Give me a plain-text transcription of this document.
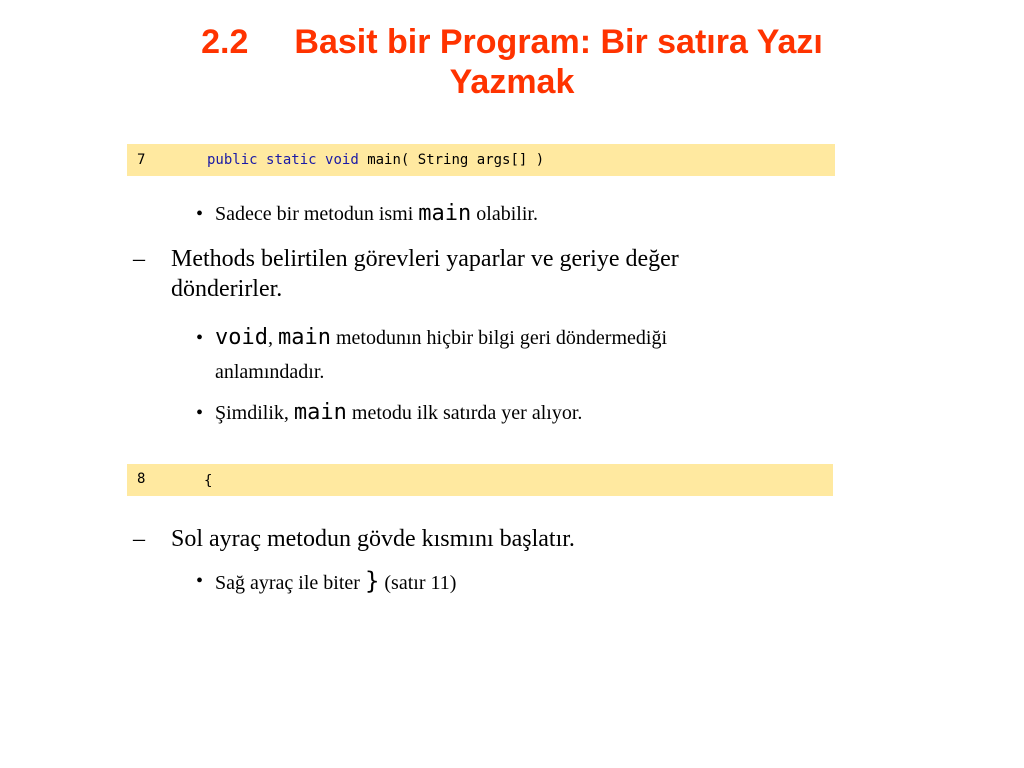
2.2 Basit bir Program: Bir satıra Yazı
Yazmak
7	public static void main( String args[] )
• Sadece bir metodun ismi main olabilir.
– Methods belirtilen görevleri yaparlar ve geriye değer
dönderirler.
• void, main metodunın hiçbir bilgi geri döndermediği
anlamındadır.
• Şimdilik, main metodu ilk satırda yer alıyor.
8	{
–	Sol ayraç metodun gövde kısmını başlatır.
• Sağ ayraç ile biter } (satır 11)
